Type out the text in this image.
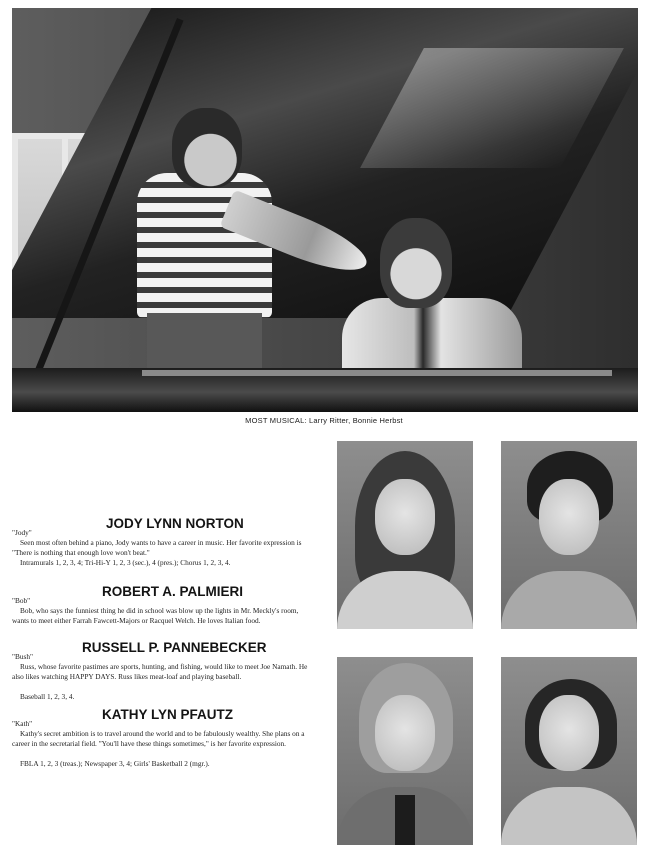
MOST MUSICAL: Larry Ritter, Bonnie Herbst
JODY LYNN NORTON
"Jody"
Seen most often behind a piano, Jody wants to have a career in music. Her favorite expression is "There is nothing that enough love won't beat."
Intramurals 1, 2, 3, 4; Tri-Hi-Y 1, 2, 3 (sec.), 4 (pres.); Chorus 1, 2, 3, 4.
ROBERT A. PALMIERI
"Bob"
Bob, who says the funniest thing he did in school was blow up the lights in Mr. Meckly's room, wants to meet either Farrah Fawcett-Majors or Racquel Welch. He loves Italian food.
RUSSELL P. PANNEBECKER
"Bush"
Russ, whose favorite pastimes are sports, hunting, and fishing, would like to meet Joe Namath. He also likes watching HAPPY DAYS. Russ likes meat-loaf and playing baseball.
Baseball 1, 2, 3, 4.
KATHY LYN PFAUTZ
"Kath"
Kathy's secret ambition is to travel around the world and to be fabulously wealthy. She plans on a career in the secretarial field. "You'll have these things sometimes," is her favorite expression.
FBLA 1, 2, 3 (treas.); Newspaper 3, 4; Girls' Basketball 2 (mgr.).
